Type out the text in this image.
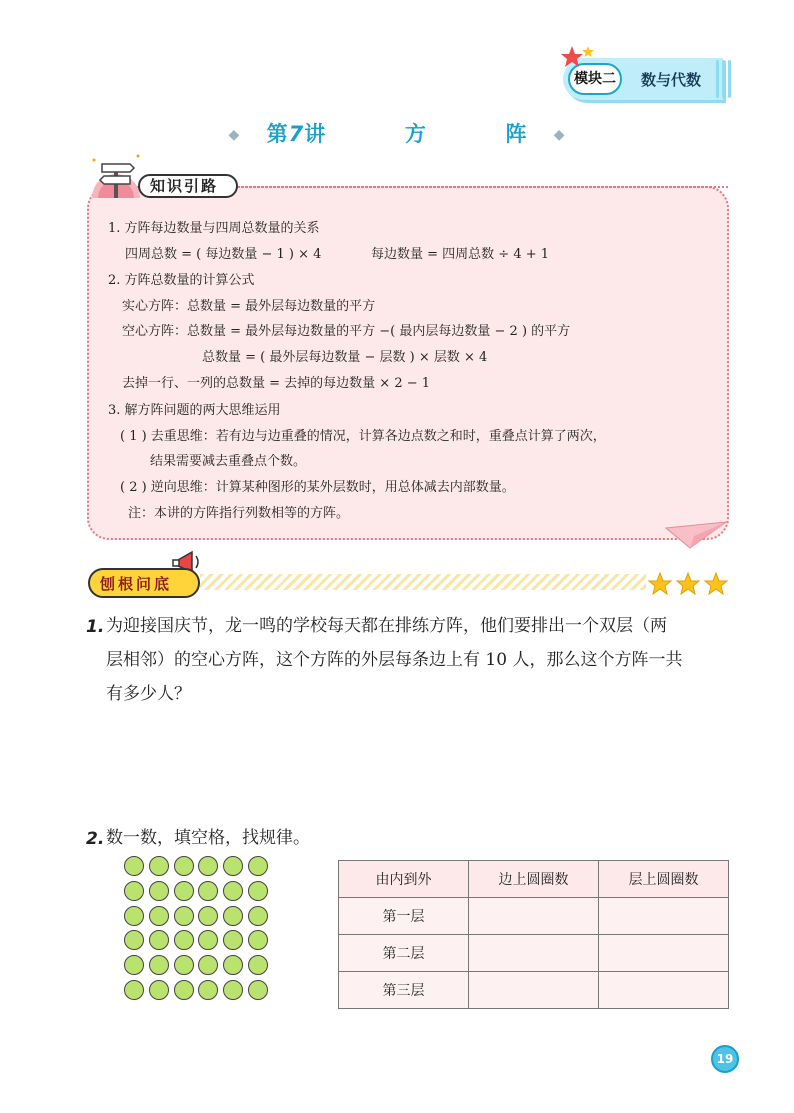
模块二	数与代数
◆ 第7讲	方	阵 ◆
知识引路
1. 方阵每边数量与四周总数量的关系
四周总数 = ( 每边数量 − 1 ) × 4	每边数量 = 四周总数 ÷ 4 + 1
2. 方阵总数量的计算公式
实心方阵：总数量 = 最外层每边数量的平方
空心方阵：总数量 = 最外层每边数量的平方 −( 最内层每边数量 − 2 ) 的平方
总数量 = ( 最外层每边数量 − 层数 ) × 层数 × 4
去掉一行、一列的总数量 = 去掉的每边数量 × 2 − 1
3. 解方阵问题的两大思维运用
( 1 ) 去重思维：若有边与边重叠的情况，计算各边点数之和时，重叠点计算了两次，
结果需要减去重叠点个数。
( 2 ) 逆向思维：计算某种图形的某外层数时，用总体减去内部数量。
注：本讲的方阵指行列数相等的方阵。
刨根问底
1. 为迎接国庆节，龙一鸣的学校每天都在排练方阵，他们要排出一个双层（两
层相邻）的空心方阵，这个方阵的外层每条边上有 10 人，那么这个方阵一共
有多少人？
2. 数一数，填空格，找规律。
由内到外	边上圆圈数	层上圆圈数
第一层		
第二层		
第三层		
19
